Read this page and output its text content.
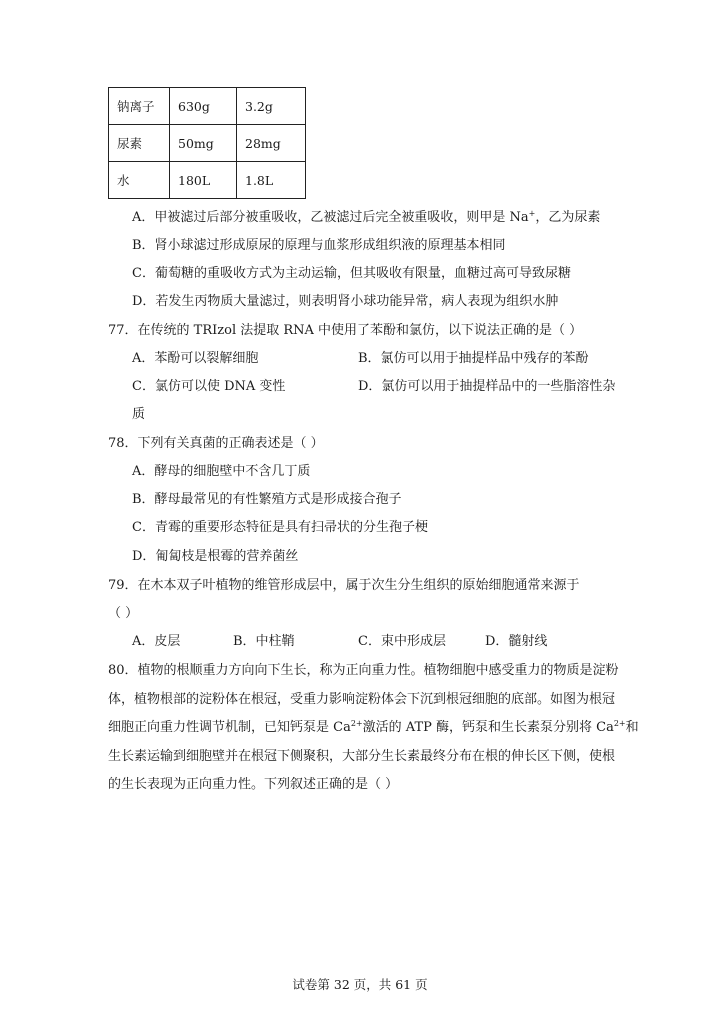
钠离子	630g	3.2g
尿素	50mg	28mg
水	180L	1.8L
A．甲被滤过后部分被重吸收，乙被滤过后完全被重吸收，则甲是 Na+，乙为尿素
B．肾小球滤过形成原尿的原理与血浆形成组织液的原理基本相同
C．葡萄糖的重吸收方式为主动运输，但其吸收有限量，血糖过高可导致尿糖
D．若发生丙物质大量滤过，则表明肾小球功能异常，病人表现为组织水肿
77．在传统的 TRIzol 法提取 RNA 中使用了苯酚和氯仿，以下说法正确的是（ ）
A．苯酚可以裂解细胞	B．氯仿可以用于抽提样品中残存的苯酚
C．氯仿可以使 DNA 变性	D．氯仿可以用于抽提样品中的一些脂溶性杂
质
78．下列有关真菌的正确表述是（ ）
A．酵母的细胞壁中不含几丁质
B．酵母最常见的有性繁殖方式是形成接合孢子
C．青霉的重要形态特征是具有扫帚状的分生孢子梗
D．匍匐枝是根霉的营养菌丝
79．在木本双子叶植物的维管形成层中，属于次生分生组织的原始细胞通常来源于
（ ）
A．皮层	B．中柱鞘	C．束中形成层	D．髓射线
80．植物的根顺重力方向向下生长，称为正向重力性。植物细胞中感受重力的物质是淀粉
体，植物根部的淀粉体在根冠，受重力影响淀粉体会下沉到根冠细胞的底部。如图为根冠
细胞正向重力性调节机制，已知钙泵是 $Ca^{2+}$激活的 ATP 酶，钙泵和生长素泵分别将 $Ca^{2+}$和
生长素运输到细胞壁并在根冠下侧聚积，大部分生长素最终分布在根的伸长区下侧，使根
的生长表现为正向重力性。下列叙述正确的是（ ）
试卷第 32 页，共 61 页
